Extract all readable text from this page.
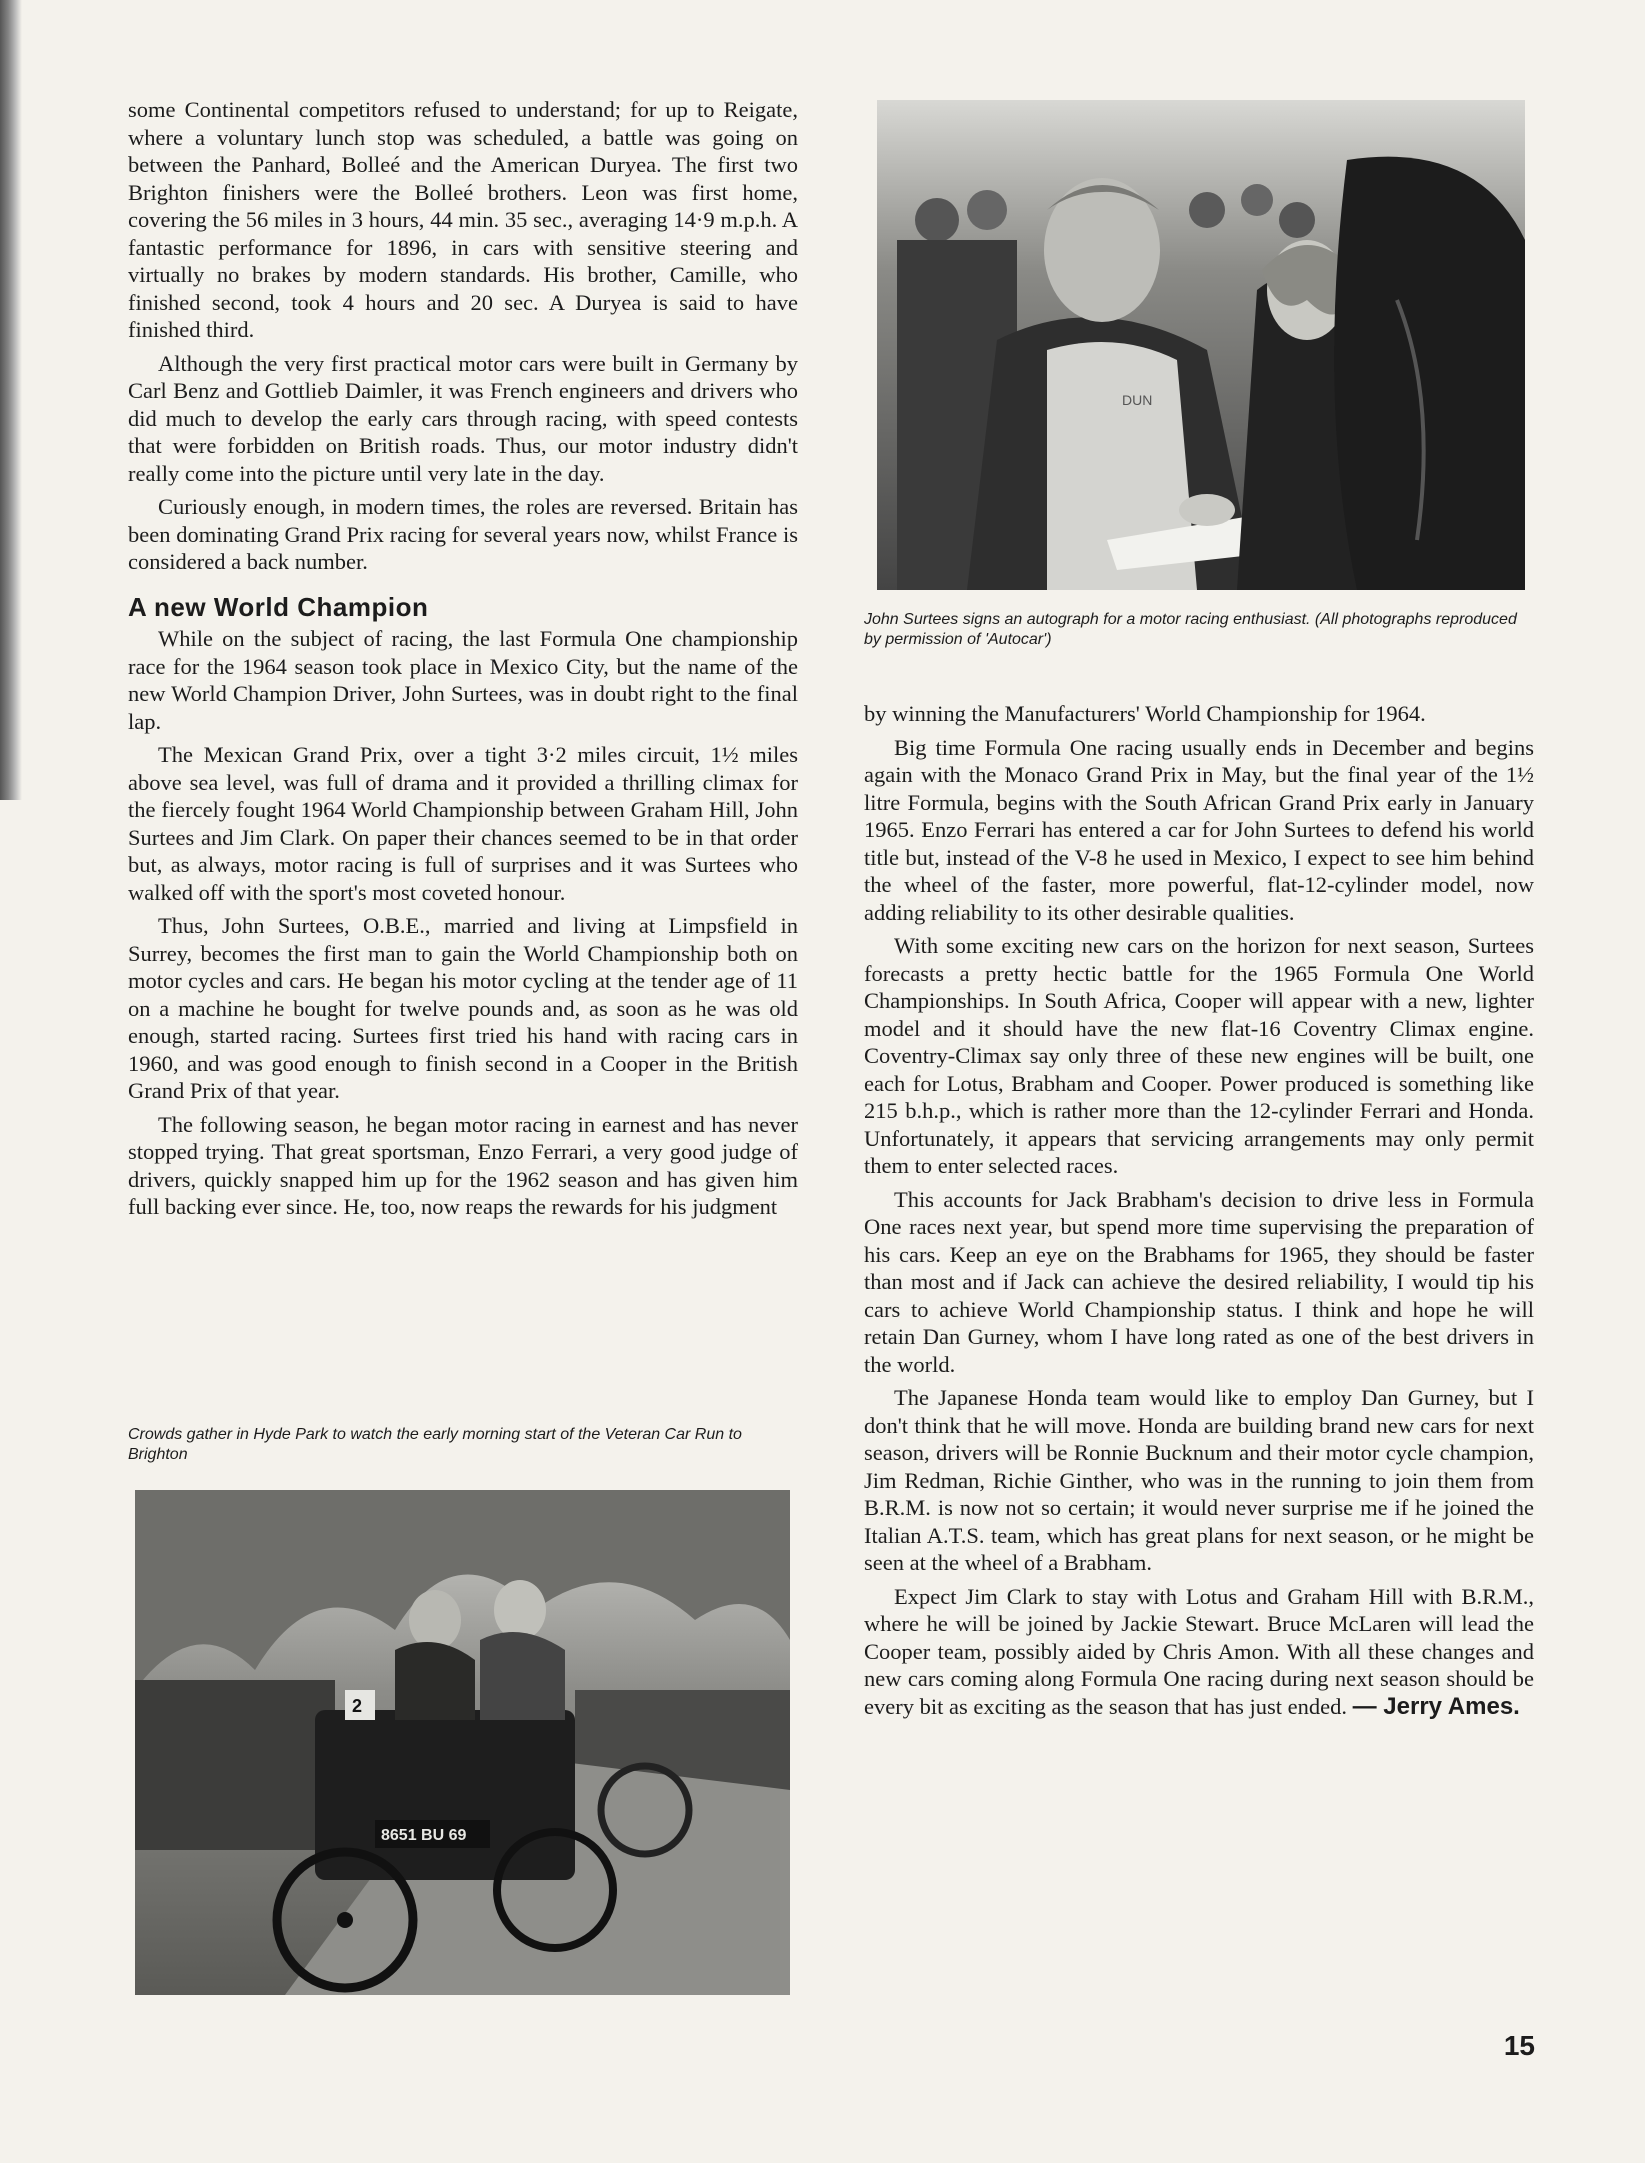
some Continental competitors refused to understand; for up to Reigate, where a voluntary lunch stop was scheduled, a battle was going on between the Panhard, Bolleé and the American Duryea. The first two Brighton finishers were the Bolleé brothers. Leon was first home, covering the 56 miles in 3 hours, 44 min. 35 sec., averaging 14·9 m.p.h. A fantastic performance for 1896, in cars with sensitive steering and virtually no brakes by modern standards. His brother, Camille, who finished second, took 4 hours and 20 sec. A Duryea is said to have finished third.

Although the very first practical motor cars were built in Germany by Carl Benz and Gottlieb Daimler, it was French engineers and drivers who did much to develop the early cars through racing, with speed contests that were forbidden on British roads. Thus, our motor industry didn't really come into the picture until very late in the day.

Curiously enough, in modern times, the roles are reversed. Britain has been dominating Grand Prix racing for several years now, whilst France is considered a back number.

A new World Champion

While on the subject of racing, the last Formula One championship race for the 1964 season took place in Mexico City, but the name of the new World Champion Driver, John Surtees, was in doubt right to the final lap.

The Mexican Grand Prix, over a tight 3·2 miles circuit, 1½ miles above sea level, was full of drama and it provided a thrilling climax for the fiercely fought 1964 World Championship between Graham Hill, John Surtees and Jim Clark. On paper their chances seemed to be in that order but, as always, motor racing is full of surprises and it was Surtees who walked off with the sport's most coveted honour.

Thus, John Surtees, O.B.E., married and living at Limpsfield in Surrey, becomes the first man to gain the World Championship both on motor cycles and cars. He began his motor cycling at the tender age of 11 on a machine he bought for twelve pounds and, as soon as he was old enough, started racing. Surtees first tried his hand with racing cars in 1960, and was good enough to finish second in a Cooper in the British Grand Prix of that year.

The following season, he began motor racing in earnest and has never stopped trying. That great sportsman, Enzo Ferrari, a very good judge of drivers, quickly snapped him up for the 1962 season and has given him full backing ever since. He, too, now reaps the rewards for his judgment

DUN
John Surtees signs an autograph for a motor racing enthusiast. (All photographs reproduced by permission of 'Autocar')

by winning the Manufacturers' World Championship for 1964.

Big time Formula One racing usually ends in December and begins again with the Monaco Grand Prix in May, but the final year of the 1½ litre Formula, begins with the South African Grand Prix early in January 1965. Enzo Ferrari has entered a car for John Surtees to defend his world title but, instead of the V-8 he used in Mexico, I expect to see him behind the wheel of the faster, more powerful, flat-12-cylinder model, now adding reliability to its other desirable qualities.

With some exciting new cars on the horizon for next season, Surtees forecasts a pretty hectic battle for the 1965 Formula One World Championships. In South Africa, Cooper will appear with a new, lighter model and it should have the new flat-16 Coventry Climax engine. Coventry-Climax say only three of these new engines will be built, one each for Lotus, Brabham and Cooper. Power produced is something like 215 b.h.p., which is rather more than the 12-cylinder Ferrari and Honda. Unfortunately, it appears that servicing arrangements may only permit them to enter selected races.

This accounts for Jack Brabham's decision to drive less in Formula One races next year, but spend more time supervising the preparation of his cars. Keep an eye on the Brabhams for 1965, they should be faster than most and if Jack can achieve the desired reliability, I would tip his cars to achieve World Championship status. I think and hope he will retain Dan Gurney, whom I have long rated as one of the best drivers in the world.

The Japanese Honda team would like to employ Dan Gurney, but I don't think that he will move. Honda are building brand new cars for next season, drivers will be Ronnie Bucknum and their motor cycle champion, Jim Redman, Richie Ginther, who was in the running to join them from B.R.M. is now not so certain; it would never surprise me if he joined the Italian A.T.S. team, which has great plans for next season, or he might be seen at the wheel of a Brabham.

Expect Jim Clark to stay with Lotus and Graham Hill with B.R.M., where he will be joined by Jackie Stewart. Bruce McLaren will lead the Cooper team, possibly aided by Chris Amon. With all these changes and new cars coming along Formula One racing during next season should be every bit as exciting as the season that has just ended. — Jerry Ames.

Crowds gather in Hyde Park to watch the early morning start of the Veteran Car Run to Brighton
2
8651 BU 69
15
